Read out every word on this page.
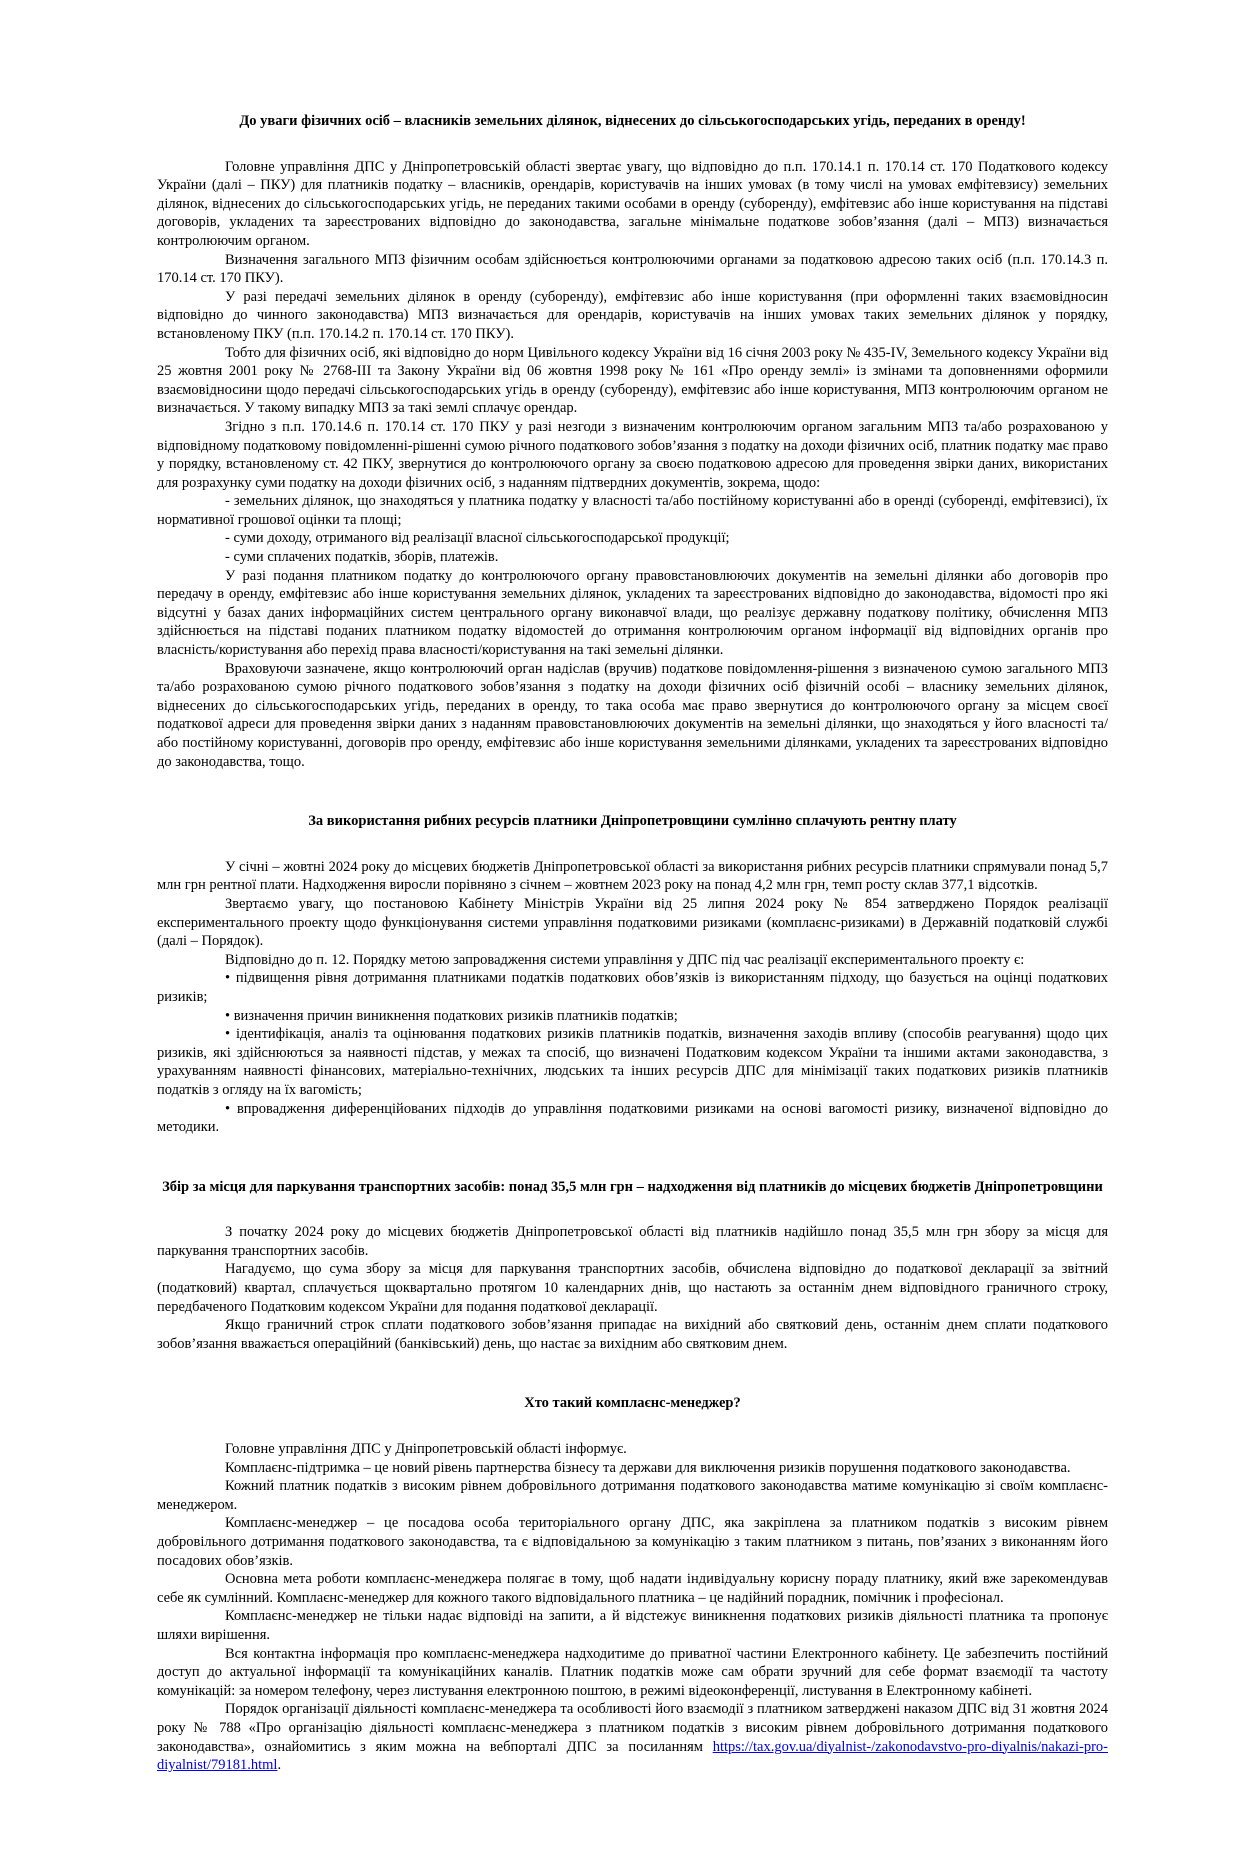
До уваги фізичних осіб – власників земельних ділянок, віднесених до сільськогосподарських угідь, переданих в оренду!

Головне управління ДПС у Дніпропетровській області звертає увагу, що відповідно до п.п. 170.14.1 п. 170.14 ст. 170 Податкового кодексу України (далі – ПКУ) для платників податку – власників, орендарів, користувачів на інших умовах (в тому числі на умовах емфітевзису) земельних ділянок, віднесених до сільськогосподарських угідь, не переданих такими особами в оренду (суборенду), емфітевзис або інше користування на підставі договорів, укладених та зареєстрованих відповідно до законодавства, загальне мінімальне податкове зобов’язання (далі – МПЗ) визначається контролюючим органом.

Визначення загального МПЗ фізичним особам здійснюється контролюючими органами за податковою адресою таких осіб (п.п. 170.14.3 п. 170.14 ст. 170 ПКУ).

У разі передачі земельних ділянок в оренду (суборенду), емфітевзис або інше користування (при оформленні таких взаємовідносин відповідно до чинного законодавства) МПЗ визначається для орендарів, користувачів на інших умовах таких земельних ділянок у порядку, встановленому ПКУ (п.п. 170.14.2 п. 170.14 ст. 170 ПКУ).

Тобто для фізичних осіб, які відповідно до норм Цивільного кодексу України від 16 січня 2003 року № 435-IV, Земельного кодексу України від 25 жовтня 2001 року № 2768-III та Закону України від 06 жовтня 1998 року № 161 «Про оренду землі» із змінами та доповненнями оформили взаємовідносини щодо передачі сільськогосподарських угідь в оренду (суборенду), емфітевзис або інше користування, МПЗ контролюючим органом не визначається. У такому випадку МПЗ за такі землі сплачує орендар.

Згідно з п.п. 170.14.6 п. 170.14 ст. 170 ПКУ у разі незгоди з визначеним контролюючим органом загальним МПЗ та/або розрахованою у відповідному податковому повідомленні-рішенні сумою річного податкового зобов’язання з податку на доходи фізичних осіб, платник податку має право у порядку, встановленому ст. 42 ПКУ, звернутися до контролюючого органу за своєю податковою адресою для проведення звірки даних, використаних для розрахунку суми податку на доходи фізичних осіб, з наданням підтвердних документів, зокрема, щодо:

- земельних ділянок, що знаходяться у платника податку у власності та/або постійному користуванні або в оренді (суборенді, емфітевзисі), їх нормативної грошової оцінки та площі;

- суми доходу, отриманого від реалізації власної сільськогосподарської продукції;

- суми сплачених податків, зборів, платежів.

У разі подання платником податку до контролюючого органу правовстановлюючих документів на земельні ділянки або договорів про передачу в оренду, емфітевзис або інше користування земельних ділянок, укладених та зареєстрованих відповідно до законодавства, відомості про які відсутні у базах даних інформаційних систем центрального органу виконавчої влади, що реалізує державну податкову політику, обчислення МПЗ здійснюється на підставі поданих платником податку відомостей до отримання контролюючим органом інформації від відповідних органів про власність/користування або перехід права власності/користування на такі земельні ділянки.

Враховуючи зазначене, якщо контролюючий орган надіслав (вручив) податкове повідомлення-рішення з визначеною сумою загального МПЗ та/або розрахованою сумою річного податкового зобов’язання з податку на доходи фізичних осіб фізичній особі – власнику земельних ділянок, віднесених до сільськогосподарських угідь, переданих в оренду, то така особа має право звернутися до контролюючого органу за місцем своєї податкової адреси для проведення звірки даних з наданням правовстановлюючих документів на земельні ділянки, що знаходяться у його власності та/або постійному користуванні, договорів про оренду, емфітевзис або інше користування земельними ділянками, укладених та зареєстрованих відповідно до законодавства, тощо.

За використання рибних ресурсів платники Дніпропетровщини сумлінно сплачують рентну плату

У січні – жовтні 2024 року до місцевих бюджетів Дніпропетровської області за використання рибних ресурсів платники спрямували понад 5,7 млн грн рентної плати. Надходження виросли порівняно з січнем – жовтнем 2023 року на понад 4,2 млн грн, темп росту склав 377,1 відсотків.

Звертаємо увагу, що постановою Кабінету Міністрів України від 25 липня 2024 року № 854 затверджено Порядок реалізації експериментального проекту щодо функціонування системи управління податковими ризиками (комплаєнс-ризиками) в Державній податковій службі (далі – Порядок).

Відповідно до п. 12. Порядку метою запровадження системи управління у ДПС під час реалізації експериментального проекту є:

• підвищення рівня дотримання платниками податків податкових обов’язків із використанням підходу, що базується на оцінці податкових ризиків;

• визначення причин виникнення податкових ризиків платників податків;

• ідентифікація, аналіз та оцінювання податкових ризиків платників податків, визначення заходів впливу (способів реагування) щодо цих ризиків, які здійснюються за наявності підстав, у межах та спосіб, що визначені Податковим кодексом України та іншими актами законодавства, з урахуванням наявності фінансових, матеріально-технічних, людських та інших ресурсів ДПС для мінімізації таких податкових ризиків платників податків з огляду на їх вагомість;

• впровадження диференційованих підходів до управління податковими ризиками на основі вагомості ризику, визначеної відповідно до методики.

Збір за місця для паркування транспортних засобів: понад 35,5 млн грн – надходження від платників до місцевих бюджетів Дніпропетровщини

З початку 2024 року до місцевих бюджетів Дніпропетровської області від платників надійшло понад 35,5 млн грн збору за місця для паркування транспортних засобів.

Нагадуємо, що сума збору за місця для паркування транспортних засобів, обчислена відповідно до податкової декларації за звітний (податковий) квартал, сплачується щоквартально протягом 10 календарних днів, що настають за останнім днем відповідного граничного строку, передбаченого Податковим кодексом України для подання податкової декларації.

Якщо граничний строк сплати податкового зобов’язання припадає на вихідний або святковий день, останнім днем сплати податкового зобов’язання вважається операційний (банківський) день, що настає за вихідним або святковим днем.

Хто такий комплаєнс-менеджер?

Головне управління ДПС у Дніпропетровській області інформує.

Комплаєнс-підтримка – це новий рівень партнерства бізнесу та держави для виключення ризиків порушення податкового законодавства.

Кожний платник податків з високим рівнем добровільного дотримання податкового законодавства матиме комунікацію зі своїм комплаєнс-менеджером.

Комплаєнс-менеджер – це посадова особа територіального органу ДПС, яка закріплена за платником податків з високим рівнем добровільного дотримання податкового законодавства, та є відповідальною за комунікацію з таким платником з питань, пов’язаних з виконанням його посадових обов’язків.

Основна мета роботи комплаєнс-менеджера полягає в тому, щоб надати індивідуальну корисну пораду платнику, який вже зарекомендував себе як сумлінний. Комплаєнс-менеджер для кожного такого відповідального платника – це надійний порадник, помічник і професіонал.

Комплаєнс-менеджер не тільки надає відповіді на запити, а й відстежує виникнення податкових ризиків діяльності платника та пропонує шляхи вирішення.

Вся контактна інформація про комплаєнс-менеджера надходитиме до приватної частини Електронного кабінету. Це забезпечить постійний доступ до актуальної інформації та комунікаційних каналів. Платник податків може сам обрати зручний для себе формат взаємодії та частоту комунікацій: за номером телефону, через листування електронною поштою, в режимі відеоконференції, листування в Електронному кабінеті.

Порядок організації діяльності комплаєнс-менеджера та особливості його взаємодії з платником затверджені наказом ДПС від 31 жовтня 2024 року № 788 «Про організацію діяльності комплаєнс-менеджера з платником податків з високим рівнем добровільного дотримання податкового законодавства», ознайомитись з яким можна на вебпорталі ДПС за посиланням https://tax.gov.ua/diyalnist-/zakonodavstvo-pro-diyalnis/nakazi-pro-diyalnist/79181.html.
